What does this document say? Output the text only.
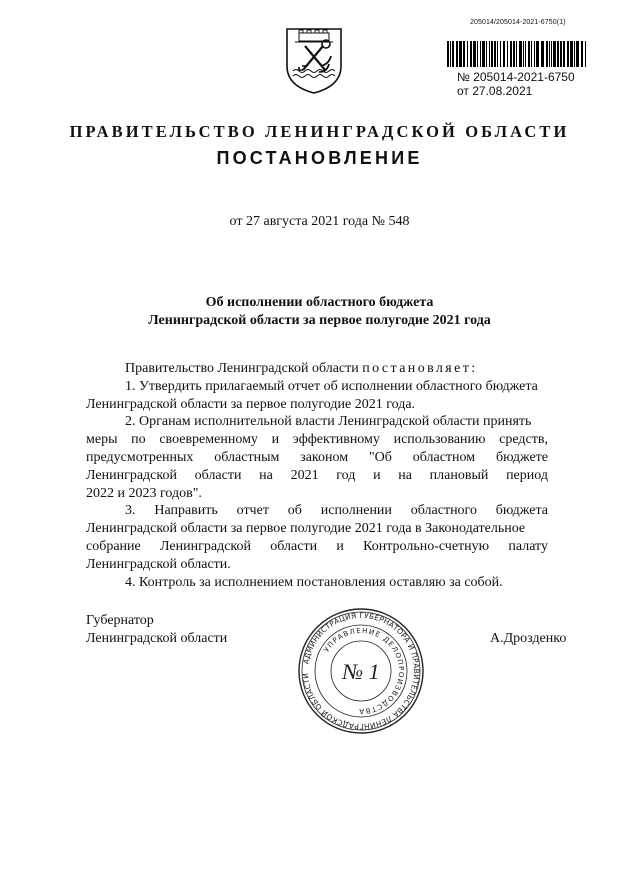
205014/205014-2021-6750(1)
№ 205014-2021-6750
от 27.08.2021
ПРАВИТЕЛЬСТВО ЛЕНИНГРАДСКОЙ ОБЛАСТИ
ПОСТАНОВЛЕНИЕ
от 27 августа 2021 года № 548
Об исполнении областного бюджета
Ленинградской области за первое полугодие 2021 года
Правительство Ленинградской области постановляет:
1. Утвердить прилагаемый отчет об исполнении областного бюджета
Ленинградской области за первое полугодие 2021 года.
2. Органам исполнительной власти Ленинградской области принять
меры по своевременному и эффективному использованию средств,
предусмотренных областным законом "Об областном бюджете
Ленинградской области на 2021 год и на плановый период
2022 и 2023 годов".
3. Направить отчет об исполнении областного бюджета
Ленинградской области за первое полугодие 2021 года в Законодательное
собрание Ленинградской области и Контрольно-счетную палату
Ленинградской области.
4. Контроль за исполнением постановления оставляю за собой.
Губернатор
Ленинградской области	А.Дрозденко
АДМИНИСТРАЦИЯ ГУБЕРНАТОРА И ПРАВИТЕЛЬСТВА ЛЕНИНГРАДСКОЙ ОБЛАСТИ
УПРАВЛЕНИЕ ДЕЛОПРОИЗВОДСТВА
№ 1
